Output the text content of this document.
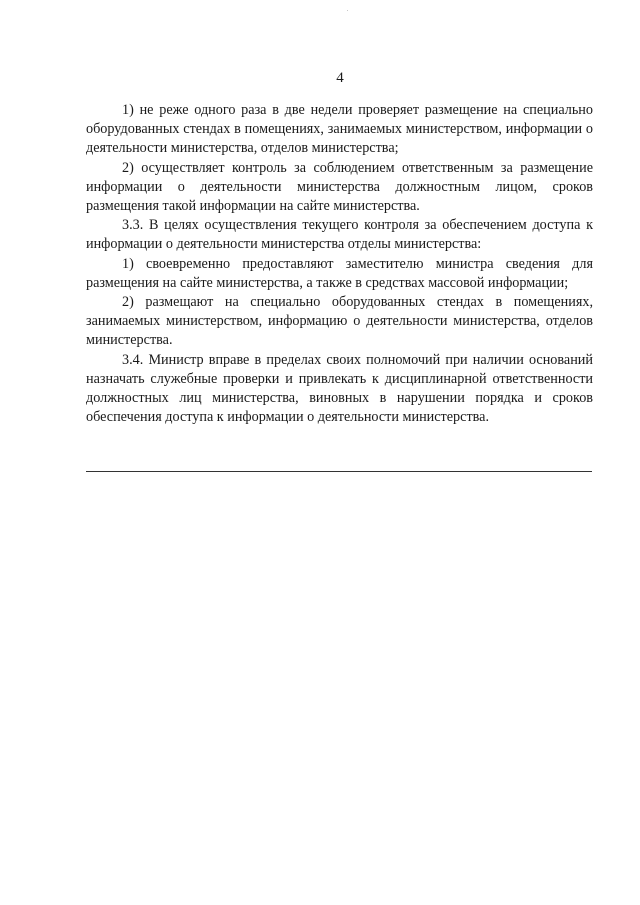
4

1) не реже одного раза в две недели проверяет размещение на специально оборудованных стендах в помещениях, занимаемых министерством, информации о деятельности министерства, отделов министерства;

2) осуществляет контроль за соблюдением ответственным за размещение информации о деятельности министерства должностным лицом, сроков размещения такой информации на сайте министерства.

3.3. В целях осуществления текущего контроля за обеспечением доступа к информации о деятельности министерства отделы министерства:

1) своевременно предоставляют заместителю министра сведения для размещения на сайте министерства, а также в средствах массовой информации;

2) размещают на специально оборудованных стендах в помещениях, занимаемых министерством, информацию о деятельности министерства, отделов министерства.

3.4. Министр вправе в пределах своих полномочий при наличии оснований назначать служебные проверки и привлекать к дисциплинарной ответственности должностных лиц министерства, виновных в нарушении порядка и сроков обеспечения доступа к информации о деятельности министерства.
